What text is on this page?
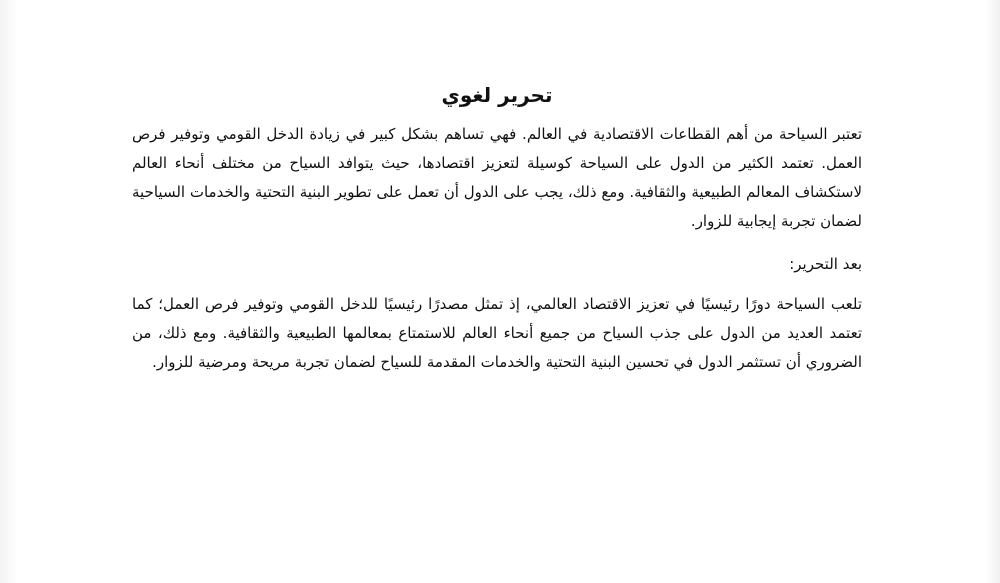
تحرير لغوي

تعتبر السياحة من أهم القطاعات الاقتصادية في العالم. فهي تساهم بشكل كبير في زيادة الدخل القومي وتوفير فرص العمل. تعتمد الكثير من الدول على السياحة كوسيلة لتعزيز اقتصادها، حيث يتوافد السياح من مختلف أنحاء العالم لاستكشاف المعالم الطبيعية والثقافية. ومع ذلك، يجب على الدول أن تعمل على تطوير البنية التحتية والخدمات السياحية لضمان تجربة إيجابية للزوار.

بعد التحرير:

تلعب السياحة دورًا رئيسيًا في تعزيز الاقتصاد العالمي، إذ تمثل مصدرًا رئيسيًا للدخل القومي وتوفير فرص العمل؛ كما تعتمد العديد من الدول على جذب السياح من جميع أنحاء العالم للاستمتاع بمعالمها الطبيعية والثقافية. ومع ذلك، من الضروري أن تستثمر الدول في تحسين البنية التحتية والخدمات المقدمة للسياح لضمان تجربة مريحة ومرضية للزوار.
